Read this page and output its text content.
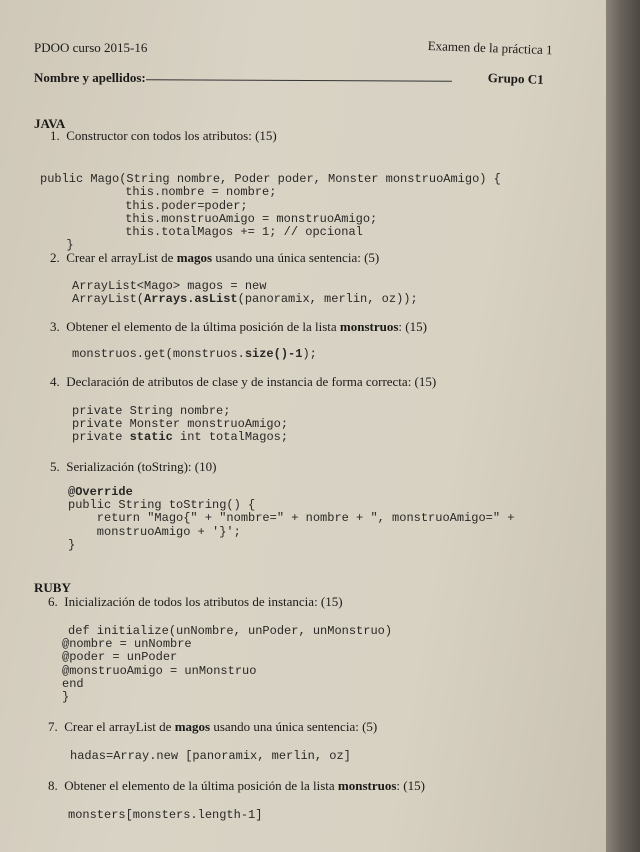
PDOO curso 2015-16	Examen de la práctica 1
Nombre y apellidos:	Grupo C1
JAVA
1. Constructor con todos los atributos: (15)

public Mago(String nombre, Poder poder, Monster monstruoAmigo) {
this.nombre = nombre;
this.poder=poder;
this.monstruoAmigo = monstruoAmigo;
this.totalMagos += 1; // opcional
}

2. Crear el arrayList de magos usando una única sentencia: (5)
ArrayList<Mago> magos = new
ArrayList(Arrays.asList(panoramix, merlin, oz));
3. Obtener el elemento de la última posición de la lista monstruos: (15)
monstruos.get(monstruos.size()-1);
4. Declaración de atributos de clase y de instancia de forma correcta: (15)
private String nombre;
private Monster monstruoAmigo;
private static int totalMagos;
5. Serialización (toString): (10)
@Override
public String toString() {
return "Mago{" + "nombre=" + nombre + ", monstruoAmigo=" +
monstruoAmigo + '}';
}
RUBY
6. Inicialización de todos los atributos de instancia: (15)
def initialize(unNombre, unPoder, unMonstruo)
@nombre = unNombre
@poder = unPoder
@monstruoAmigo = unMonstruo
end
}
7. Crear el arrayList de magos usando una única sentencia: (5)
hadas=Array.new [panoramix, merlin, oz]
8. Obtener el elemento de la última posición de la lista monstruos: (15)
monsters[monsters.length-1]
